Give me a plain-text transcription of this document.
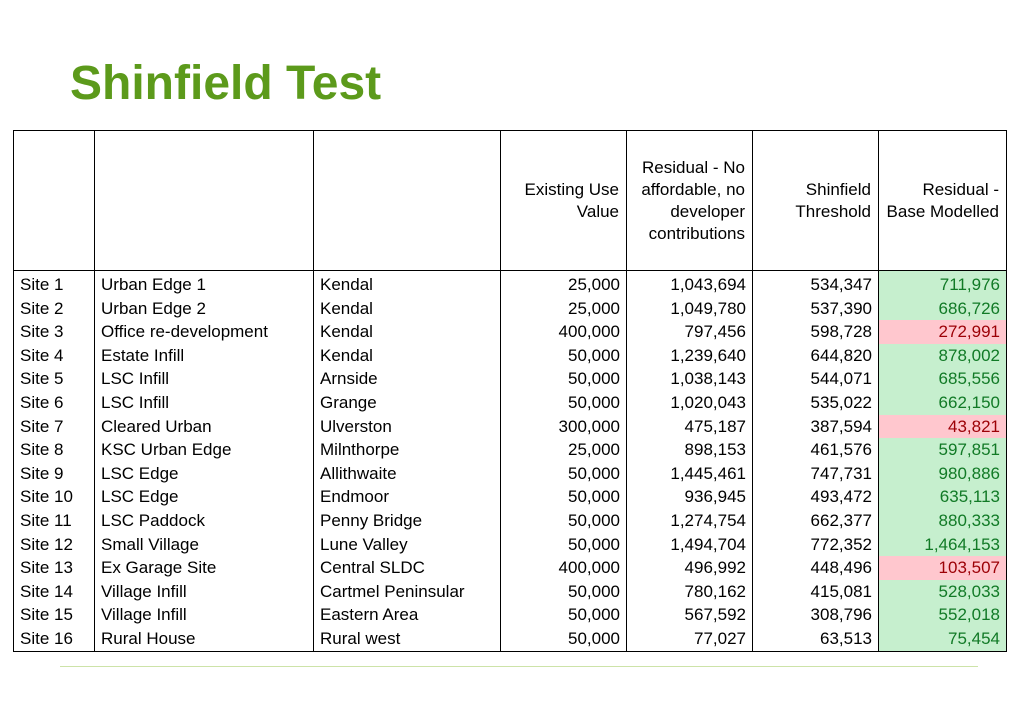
Shinfield Test
			Existing Use Value	Residual - No affordable, no developer contributions	Shinfield Threshold	Residual - Base Modelled
Site 1	Urban Edge 1	Kendal	25,000	1,043,694	534,347	711,976
Site 2	Urban Edge 2	Kendal	25,000	1,049,780	537,390	686,726
Site 3	Office re-development	Kendal	400,000	797,456	598,728	272,991
Site 4	Estate Infill	Kendal	50,000	1,239,640	644,820	878,002
Site 5	LSC Infill	Arnside	50,000	1,038,143	544,071	685,556
Site 6	LSC Infill	Grange	50,000	1,020,043	535,022	662,150
Site 7	Cleared Urban	Ulverston	300,000	475,187	387,594	43,821
Site 8	KSC Urban Edge	Milnthorpe	25,000	898,153	461,576	597,851
Site 9	LSC Edge	Allithwaite	50,000	1,445,461	747,731	980,886
Site 10	LSC Edge	Endmoor	50,000	936,945	493,472	635,113
Site 11	LSC Paddock	Penny Bridge	50,000	1,274,754	662,377	880,333
Site 12	Small Village	Lune Valley	50,000	1,494,704	772,352	1,464,153
Site 13	Ex Garage Site	Central SLDC	400,000	496,992	448,496	103,507
Site 14	Village Infill	Cartmel Peninsular	50,000	780,162	415,081	528,033
Site 15	Village Infill	Eastern Area	50,000	567,592	308,796	552,018
Site 16	Rural House	Rural west	50,000	77,027	63,513	75,454
